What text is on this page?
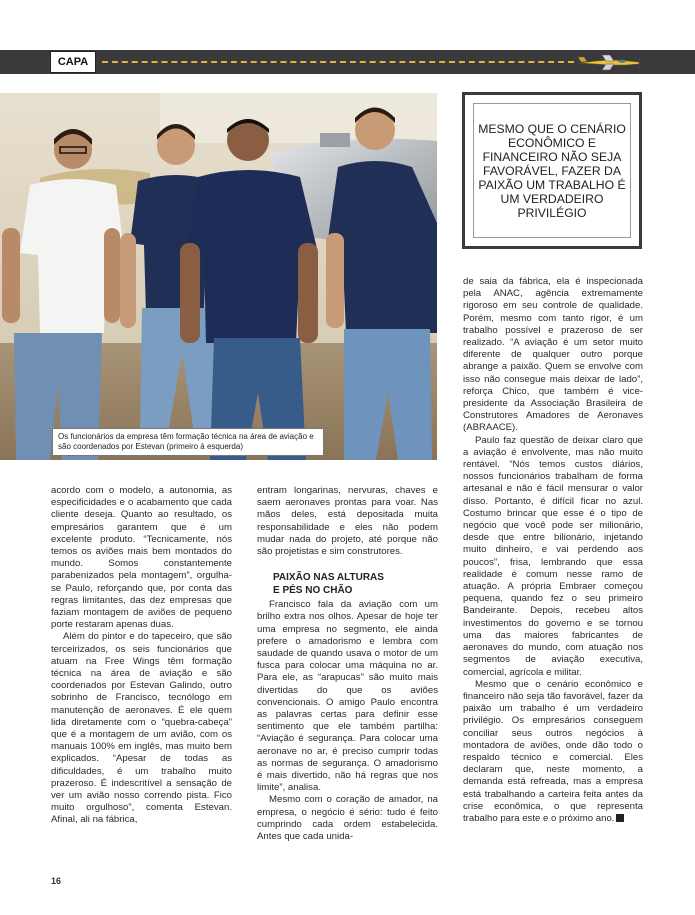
CAPA
Os funcionários da empresa têm formação técnica na área de aviação e são coordenados por Estevan (primeiro à esquerda)
MESMO QUE O CENÁRIO ECONÔMICO E FINANCEIRO NÃO SEJA FAVORÁVEL, FAZER DA PAIXÃO UM TRABALHO É UM VERDADEIRO PRIVILÉGIO

acordo com o modelo, a autonomia, as especificidades e o acabamento que cada cliente deseja. Quanto ao resultado, os empresários garantem que é um excelente produto. “Tecnicamente, nós temos os aviões mais bem montados do mundo. Somos constantemente parabenizados pela montagem”, orgulha-se Paulo, reforçando que, por conta das regras limitantes, das dez empresas que faziam montagem de aviões de pequeno porte restaram apenas duas.

Além do pintor e do tapeceiro, que são terceirizados, os seis funcionários que atuam na Free Wings têm formação técnica na área de aviação e são coordenados por Estevan Galindo, outro sobrinho de Francisco, tecnólogo em manutenção de aeronaves. É ele quem lida diretamente com o “quebra-cabeça” que é a montagem de um avião, com os manuais 100% em inglês, mas muito bem explicados. “Apesar de todas as dificuldades, é um trabalho muito prazeroso. É indescritível a sensação de ver um avião nosso correndo pista. Fico muito orgulhoso”, comenta Estevan. Afinal, ali na fábrica,

entram longarinas, nervuras, chaves e saem aeronaves prontas para voar. Nas mãos deles, está depositada muita responsabilidade e eles não podem mudar nada do projeto, até porque não são projetistas e sim construtores.

PAIXÃO NAS ALTURAS
E PÉS NO CHÃO

Francisco fala da aviação com um brilho extra nos olhos. Apesar de hoje ter uma empresa no segmento, ele ainda prefere o amadorismo e lembra com saudade de quando usava o motor de um fusca para colocar uma máquina no ar. Para ele, as “arapucas” são muito mais divertidas do que os aviões convencionais. O amigo Paulo encontra as palavras certas para definir esse sentimento que ele também partilha: “Aviação é segurança. Para colocar uma aeronave no ar, é preciso cumprir todas as normas de segurança. O amadorismo é mais divertido, não há regras que nos limite”, analisa.

Mesmo com o coração de amador, na empresa, o negócio é sério: tudo é feito cumprindo cada ordem estabelecida. Antes que cada unida-

de saia da fábrica, ela é inspecionada pela ANAC, agência extremamente rigoroso em seu controle de qualidade. Porém, mesmo com tanto rigor, é um trabalho possível e prazeroso de ser realizado. “A aviação é um setor muito diferente de qualquer outro porque abrange a paixão. Quem se envolve com isso não consegue mais deixar de lado”, reforça Chico, que também é vice-presidente da Associação Brasileira de Construtores Amadores de Aeronaves (ABRAACE).

Paulo faz questão de deixar claro que a aviação é envolvente, mas não muito rentável. “Nós temos custos diários, nossos funcionários trabalham de forma artesanal e não é fácil mensurar o valor disso. Portanto, é difícil ficar no azul. Costumo brincar que esse é o tipo de negócio que você pode ser milionário, desde que entre bilionário, injetando muito dinheiro, e vai perdendo aos poucos”, frisa, lembrando que essa realidade é comum nesse ramo de atuação. A própria Embraer começou pequena, quando fez o seu primeiro Bandeirante. Depois, recebeu altos investimentos do governo e se tornou uma das maiores fabricantes de aeronaves do mundo, com atuação nos segmentos de aviação executiva, comercial, agrícola e militar.

Mesmo que o cenário econômico e financeiro não seja tão favorável, fazer da paixão um trabalho é um verdadeiro privilégio. Os empresários conseguem conciliar seus outros negócios à montadora de aviões, onde dão todo o respaldo técnico e comercial. Eles declaram que, neste momento, a demanda está refreada, mas a empresa está trabalhando a carteira feita antes da crise econômica, o que representa trabalho para este e o próximo ano.

16
